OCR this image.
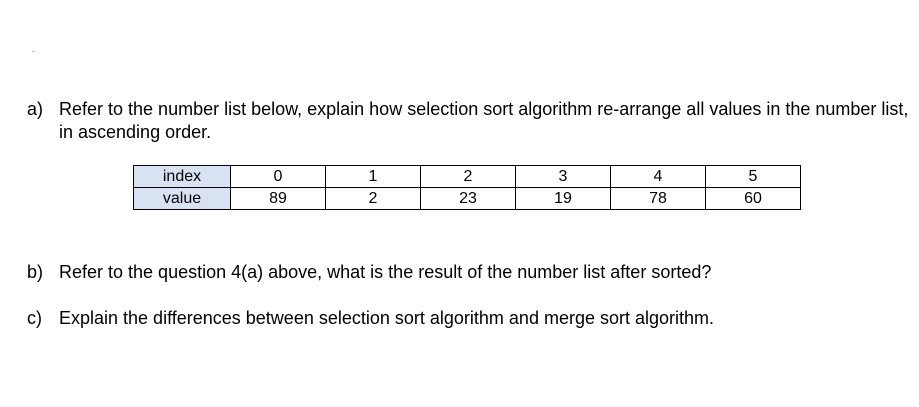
a) Refer to the number list below, explain how selection sort algorithm re-arrange all values in the number list, in ascending order.
index	0	1	2	3	4	5
value	89	2	23	19	78	60
b) Refer to the question 4(a) above, what is the result of the number list after sorted?
c) Explain the differences between selection sort algorithm and merge sort algorithm.
